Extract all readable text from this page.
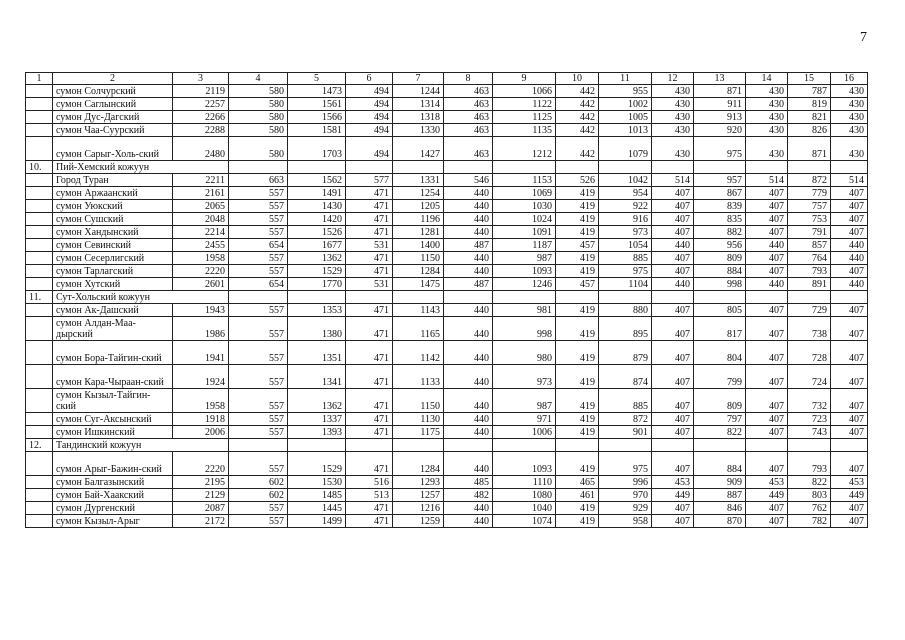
7
1	2	3	4	5	6	7	8	9	10	11	12	13	14	15	16
	сумон Солчурский	2119	580	1473	494	1244	463	1066	442	955	430	871	430	787	430
	сумон Саглынский	2257	580	1561	494	1314	463	1122	442	1002	430	911	430	819	430
	сумон Дус-Дагский	2266	580	1566	494	1318	463	1125	442	1005	430	913	430	821	430
	сумон Чаа-Суурский	2288	580	1581	494	1330	463	1135	442	1013	430	920	430	826	430
	сумон Сарыг-Холь-ский	2480	580	1703	494	1427	463	1212	442	1079	430	975	430	871	430
10.	Пий-Хемский кожуун														
	Город Туран	2211	663	1562	577	1331	546	1153	526	1042	514	957	514	872	514
	сумон Аржаанский	2161	557	1491	471	1254	440	1069	419	954	407	867	407	779	407
	сумон Уюкский	2065	557	1430	471	1205	440	1030	419	922	407	839	407	757	407
	сумон Сушский	2048	557	1420	471	1196	440	1024	419	916	407	835	407	753	407
	сумон Хандынский	2214	557	1526	471	1281	440	1091	419	973	407	882	407	791	407
	сумон Севинский	2455	654	1677	531	1400	487	1187	457	1054	440	956	440	857	440
	сумон Сесерлигский	1958	557	1362	471	1150	440	987	419	885	407	809	407	764	440
	сумон Тарлагский	2220	557	1529	471	1284	440	1093	419	975	407	884	407	793	407
	сумон Хутский	2601	654	1770	531	1475	487	1246	457	1104	440	998	440	891	440
11.	Сут-Хольский кожуун														
	сумон Ак-Дашский	1943	557	1353	471	1143	440	981	419	880	407	805	407	729	407
	сумон Алдан-Маа-дырский	1986	557	1380	471	1165	440	998	419	895	407	817	407	738	407
	сумон Бора-Тайгин-ский	1941	557	1351	471	1142	440	980	419	879	407	804	407	728	407
	сумон Кара-Чыраан-ский	1924	557	1341	471	1133	440	973	419	874	407	799	407	724	407
	сумон Кызыл-Тайгин-ский	1958	557	1362	471	1150	440	987	419	885	407	809	407	732	407
	сумон Суг-Аксынский	1918	557	1337	471	1130	440	971	419	872	407	797	407	723	407
	сумон Ишкинский	2006	557	1393	471	1175	440	1006	419	901	407	822	407	743	407
12.	Тандинский кожуун														
	сумон Арыг-Бажин-ский	2220	557	1529	471	1284	440	1093	419	975	407	884	407	793	407
	сумон Балгазынский	2195	602	1530	516	1293	485	1110	465	996	453	909	453	822	453
	сумон Бай-Хаакский	2129	602	1485	513	1257	482	1080	461	970	449	887	449	803	449
	сумон Дургенский	2087	557	1445	471	1216	440	1040	419	929	407	846	407	762	407
	сумон Кызыл-Арыг	2172	557	1499	471	1259	440	1074	419	958	407	870	407	782	407
